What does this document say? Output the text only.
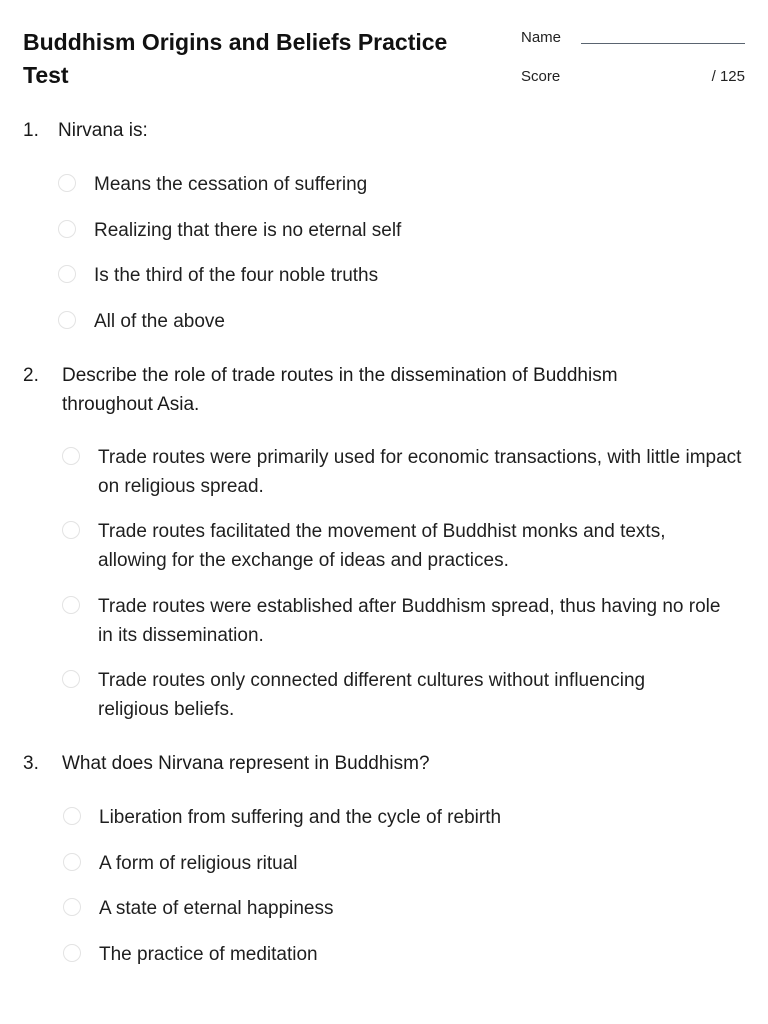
Buddhism Origins and Beliefs Practice Test
Name
Score	/ 125
1. Nirvana is:
Means the cessation of suffering
Realizing that there is no eternal self
Is the third of the four noble truths
All of the above
2. Describe the role of trade routes in the dissemination of Buddhism throughout Asia.
Trade routes were primarily used for economic transactions, with little impact on religious spread.
Trade routes facilitated the movement of Buddhist monks and texts, allowing for the exchange of ideas and practices.
Trade routes were established after Buddhism spread, thus having no role in its dissemination.
Trade routes only connected different cultures without influencing religious beliefs.
3. What does Nirvana represent in Buddhism?
Liberation from suffering and the cycle of rebirth
A form of religious ritual
A state of eternal happiness
The practice of meditation
